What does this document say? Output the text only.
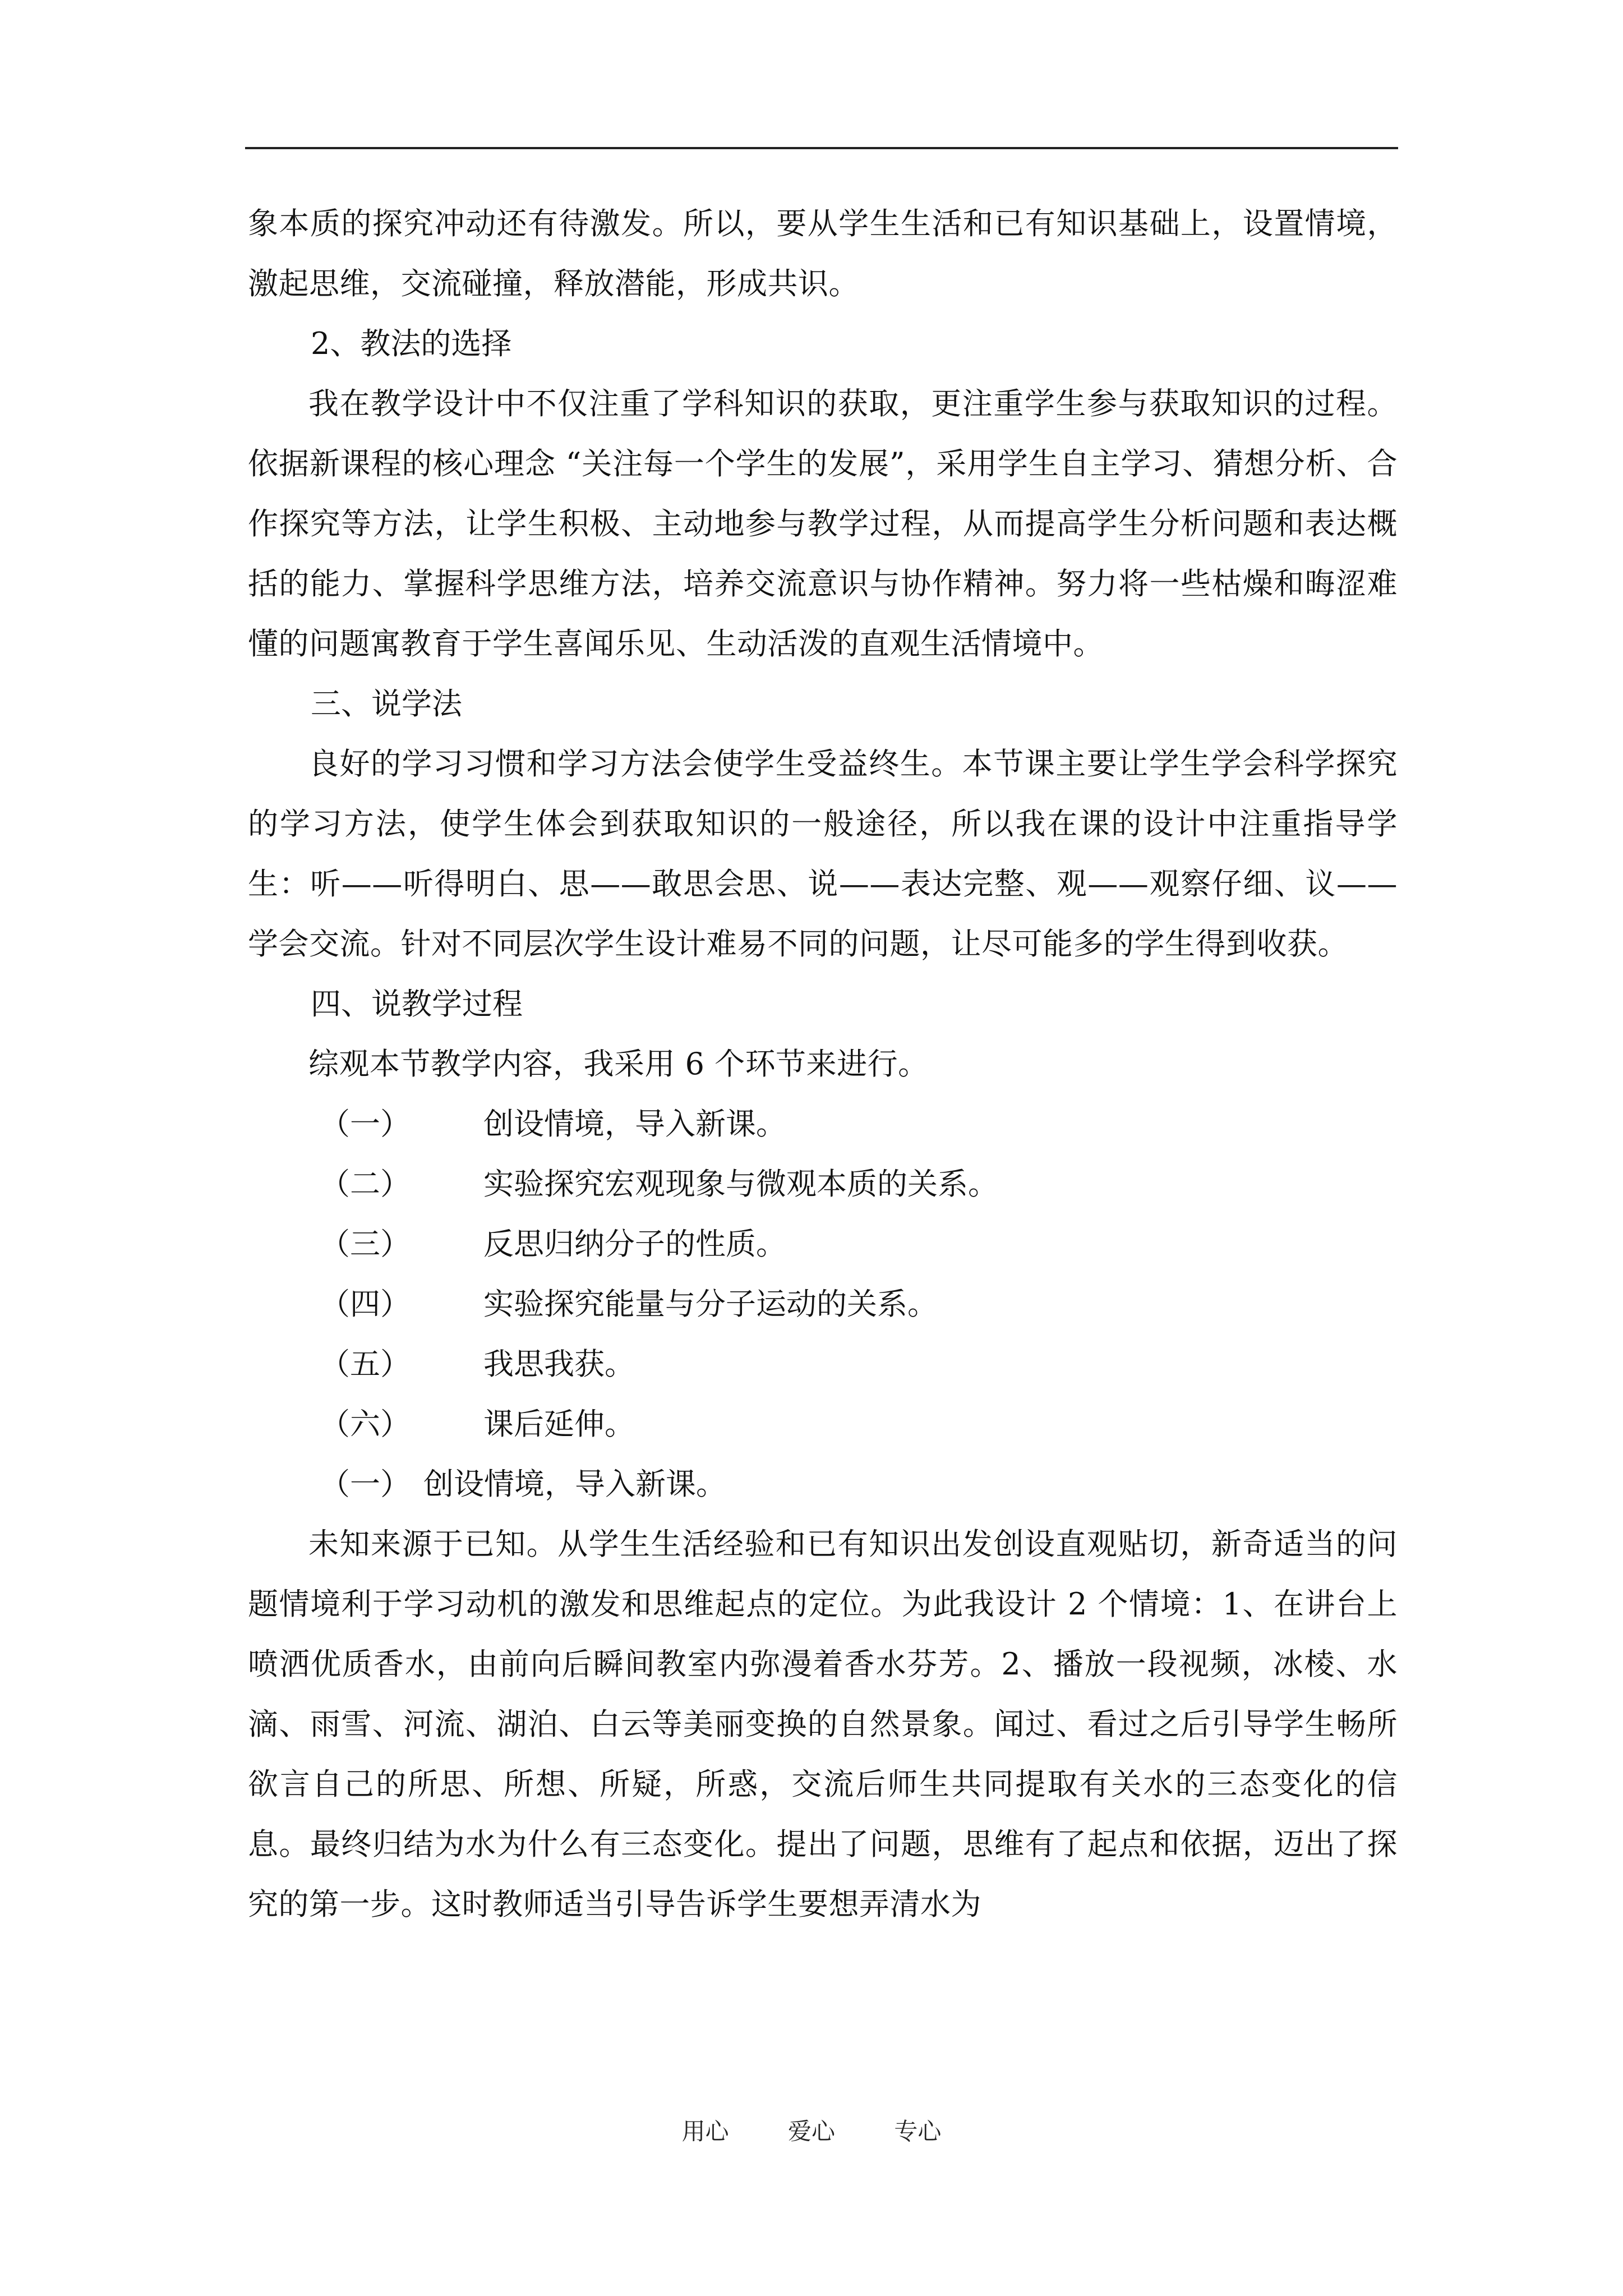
象本质的探究冲动还有待激发。所以，要从学生生活和已有知识基础上，设置情境，激起思维，交流碰撞，释放潜能，形成共识。

2、教法的选择

我在教学设计中不仅注重了学科知识的获取，更注重学生参与获取知识的过程。依据新课程的核心理念 “关注每一个学生的发展”，采用学生自主学习、猜想分析、合作探究等方法，让学生积极、主动地参与教学过程，从而提高学生分析问题和表达概括的能力、掌握科学思维方法，培养交流意识与协作精神。努力将一些枯燥和晦涩难懂的问题寓教育于学生喜闻乐见、生动活泼的直观生活情境中。

三、说学法

良好的学习习惯和学习方法会使学生受益终生。本节课主要让学生学会科学探究的学习方法，使学生体会到获取知识的一般途径，所以我在课的设计中注重指导学生：听——听得明白、思——敢思会思、说——表达完整、观——观察仔细、议——学会交流。针对不同层次学生设计难易不同的问题，让尽可能多的学生得到收获。

四、说教学过程

综观本节教学内容，我采用 6 个环节来进行。

（一）	创设情境，导入新课。

（二）	实验探究宏观现象与微观本质的关系。

（三）	反思归纳分子的性质。

（四）	实验探究能量与分子运动的关系。

（五）	我思我获。

（六）	课后延伸。

（一） 创设情境，导入新课。

未知来源于已知。从学生生活经验和已有知识出发创设直观贴切，新奇适当的问题情境利于学习动机的激发和思维起点的定位。为此我设计 2 个情境：1、在讲台上喷洒优质香水，由前向后瞬间教室内弥漫着香水芬芳。2、播放一段视频，冰棱、水滴、雨雪、河流、湖泊、白云等美丽变换的自然景象。闻过、看过之后引导学生畅所欲言自己的所思、所想、所疑，所惑，交流后师生共同提取有关水的三态变化的信息。最终归结为水为什么有三态变化。提出了问题，思维有了起点和依据，迈出了探究的第一步。这时教师适当引导告诉学生要想弄清水为

用心	爱心	专心
